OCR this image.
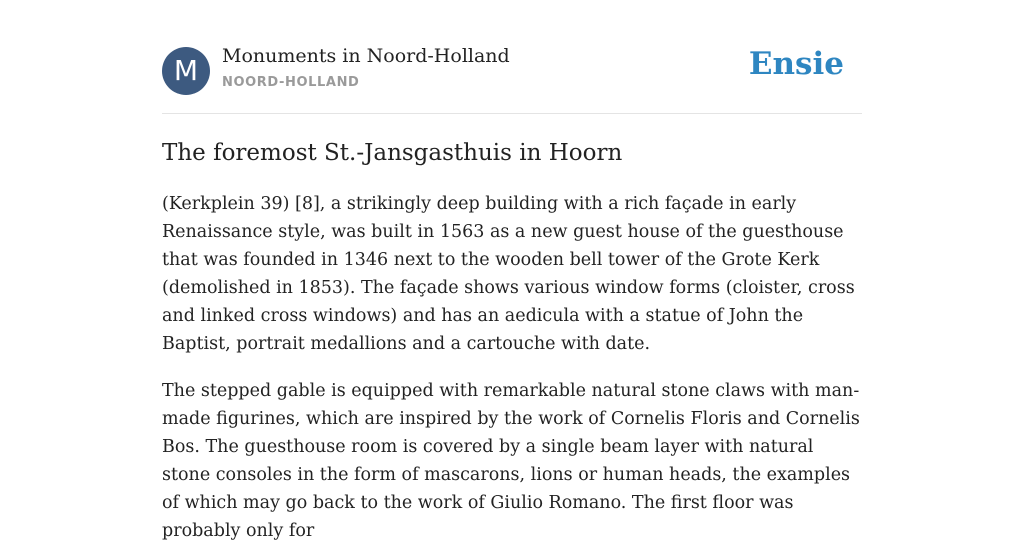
M	Monuments in Noord-Holland
NOORD-HOLLAND
Ensie
The foremost St.-Jansgasthuis in Hoorn

(Kerkplein 39) [8], a strikingly deep building with a rich façade in early Renaissance style, was built in 1563 as a new guest house of the guesthouse that was founded in 1346 next to the wooden bell tower of the Grote Kerk (demolished in 1853). The façade shows various window forms (cloister, cross and linked cross windows) and has an aedicula with a statue of John the Baptist, portrait medallions and a cartouche with date.

The stepped gable is equipped with remarkable natural stone claws with man-made figurines, which are inspired by the work of Cornelis Floris and Cornelis Bos. The guesthouse room is covered by a single beam layer with natural stone consoles in the form of mascarons, lions or human heads, the examples of which may go back to the work of Giulio Romano. The first floor was probably only for
